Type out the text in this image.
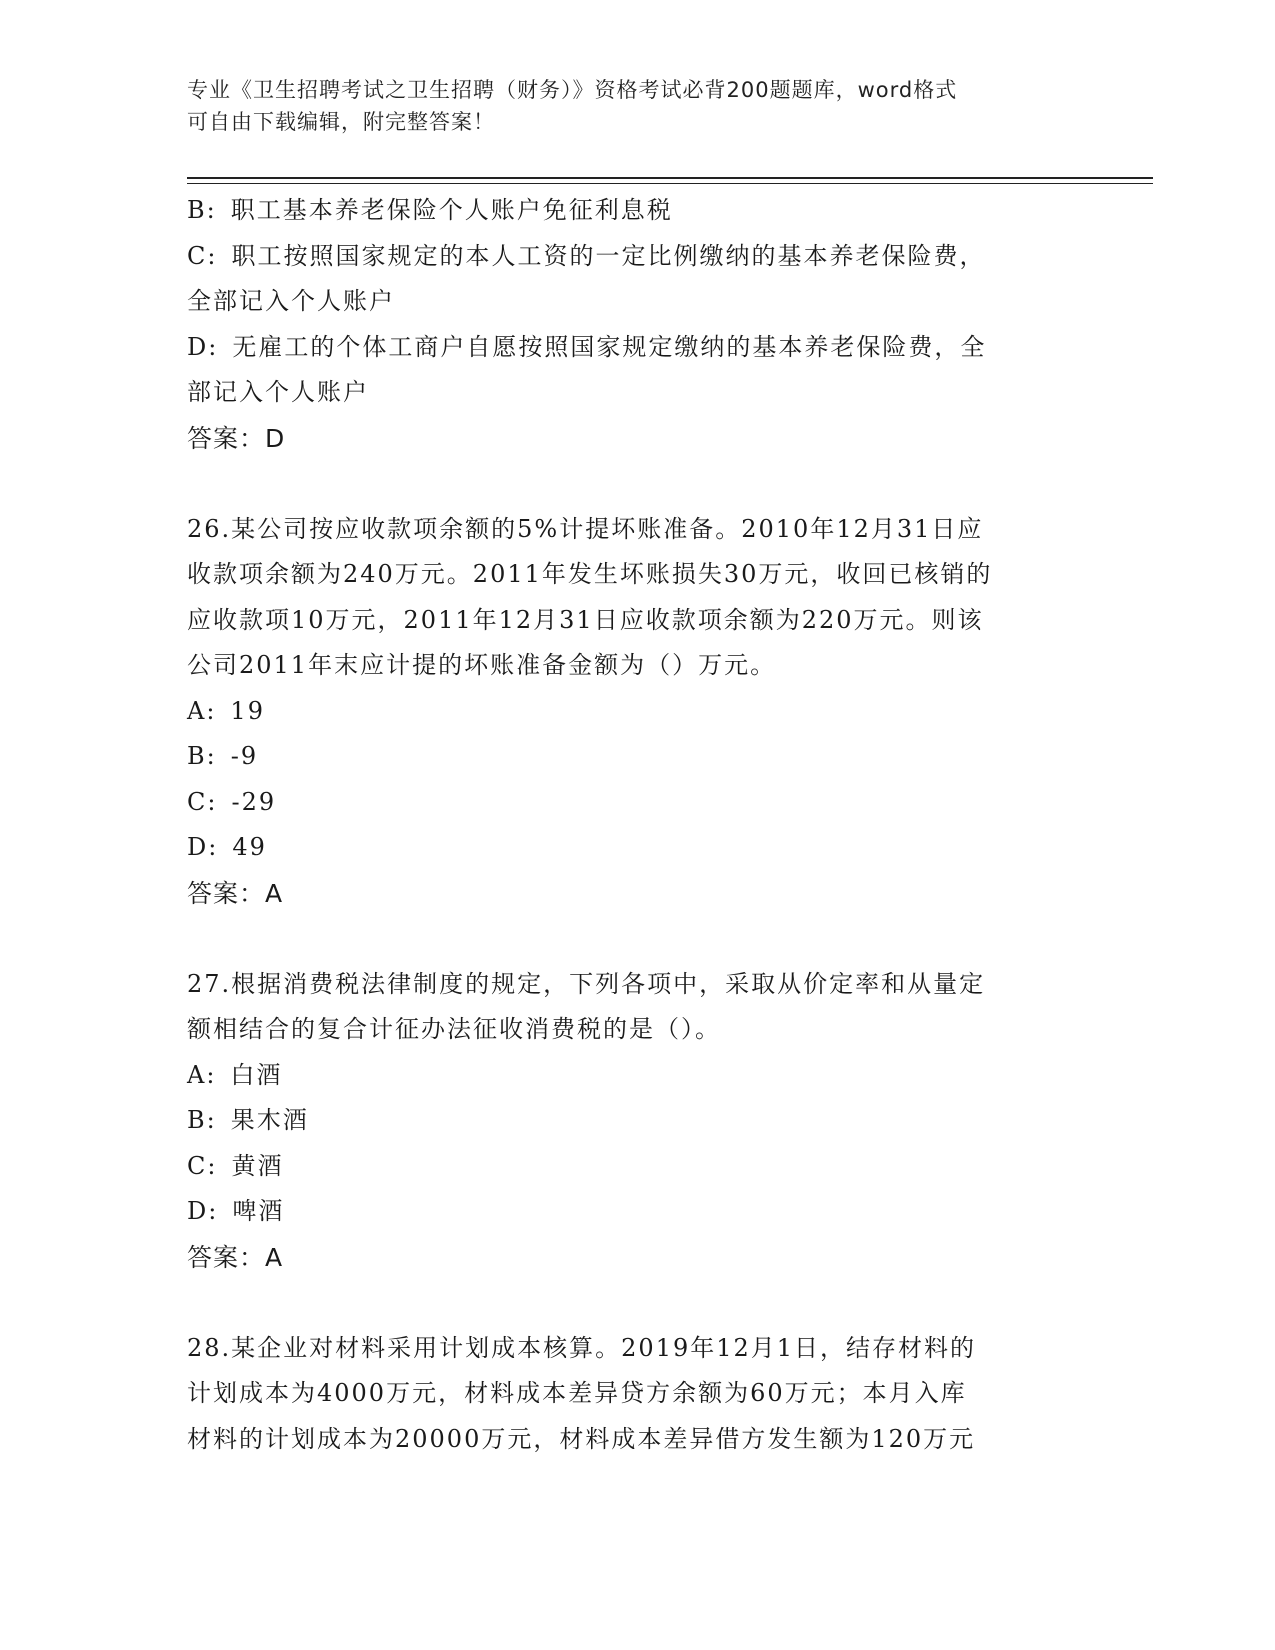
专业《卫生招聘考试之卫生招聘（财务）》资格考试必背200题题库，word格式
可自由下载编辑，附完整答案！
B: 职工基本养老保险个人账户免征利息税
C: 职工按照国家规定的本人工资的一定比例缴纳的基本养老保险费，
全部记入个人账户
D: 无雇工的个体工商户自愿按照国家规定缴纳的基本养老保险费，全
部记入个人账户
答案：D
26.某公司按应收款项余额的5%计提坏账准备。2010年12月31日应
收款项余额为240万元。2011年发生坏账损失30万元，收回已核销的
应收款项10万元，2011年12月31日应收款项余额为220万元。则该
公司2011年末应计提的坏账准备金额为（）万元。
A: 19
B: -9
C: -29
D: 49
答案：A
27.根据消费税法律制度的规定，下列各项中，采取从价定率和从量定
额相结合的复合计征办法征收消费税的是（）。
A: 白酒
B: 果木酒
C: 黄酒
D: 啤酒
答案：A
28.某企业对材料采用计划成本核算。2019年12月1日，结存材料的
计划成本为4000万元，材料成本差异贷方余额为60万元；本月入库
材料的计划成本为20000万元，材料成本差异借方发生额为120万元
